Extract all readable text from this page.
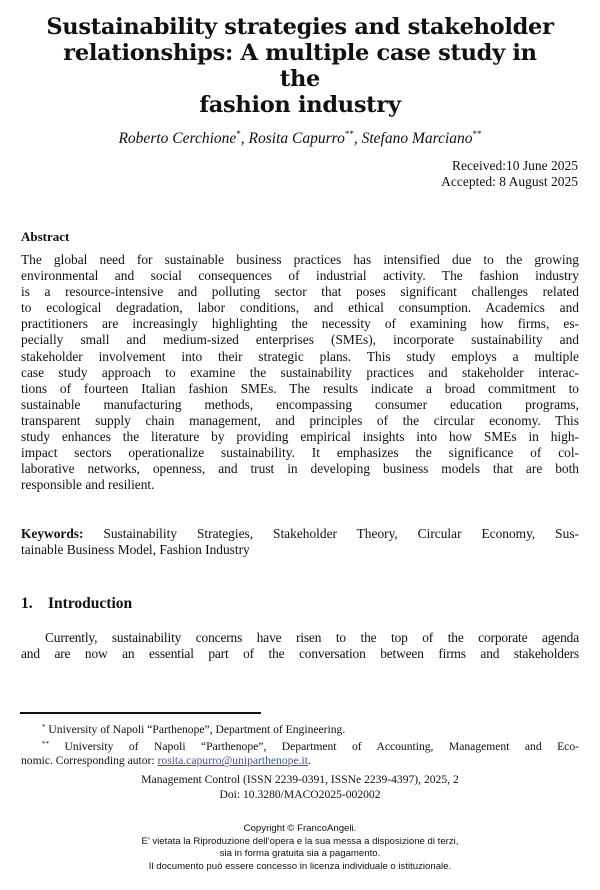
Sustainability strategies and stakeholder
relationships: A multiple case study in the
fashion industry
Roberto Cerchione*, Rosita Capurro**, Stefano Marciano**
Received:10 June 2025
Accepted: 8 August 2025
Abstract
The global need for sustainable business practices has intensified due to the growing
environmental and social consequences of industrial activity. The fashion industry
is a resource-intensive and polluting sector that poses significant challenges related
to ecological degradation, labor conditions, and ethical consumption. Academics and
practitioners are increasingly highlighting the necessity of examining how firms, es-
pecially small and medium-sized enterprises (SMEs), incorporate sustainability and
stakeholder involvement into their strategic plans. This study employs a multiple
case study approach to examine the sustainability practices and stakeholder interac-
tions of fourteen Italian fashion SMEs. The results indicate a broad commitment to
sustainable manufacturing methods, encompassing consumer education programs,
transparent supply chain management, and principles of the circular economy. This
study enhances the literature by providing empirical insights into how SMEs in high-
impact sectors operationalize sustainability. It emphasizes the significance of col-
laborative networks, openness, and trust in developing business models that are both
responsible and resilient.
Keywords: Sustainability Strategies, Stakeholder Theory, Circular Economy, Sus-
tainable Business Model, Fashion Industry
1. Introduction
Currently, sustainability concerns have risen to the top of the corporate agenda
and are now an essential part of the conversation between firms and stakeholders
* University of Napoli “Parthenope”, Department of Engineering.
** University of Napoli “Parthenope”, Department of Accounting, Management and Eco-
nomic. Corresponding autor: rosita.capurro@uniparthenope.it.
Management Control (ISSN 2239-0391, ISSNe 2239-4397), 2025, 2
Doi: 10.3280/MACO2025-002002
Copyright © FrancoAngeli.
E’ vietata la Riproduzione dell’opera e la sua messa a disposizione di terzi,
sia in forma gratuita sia a pagamento.
Il documento può essere concesso in licenza individuale o istituzionale.
